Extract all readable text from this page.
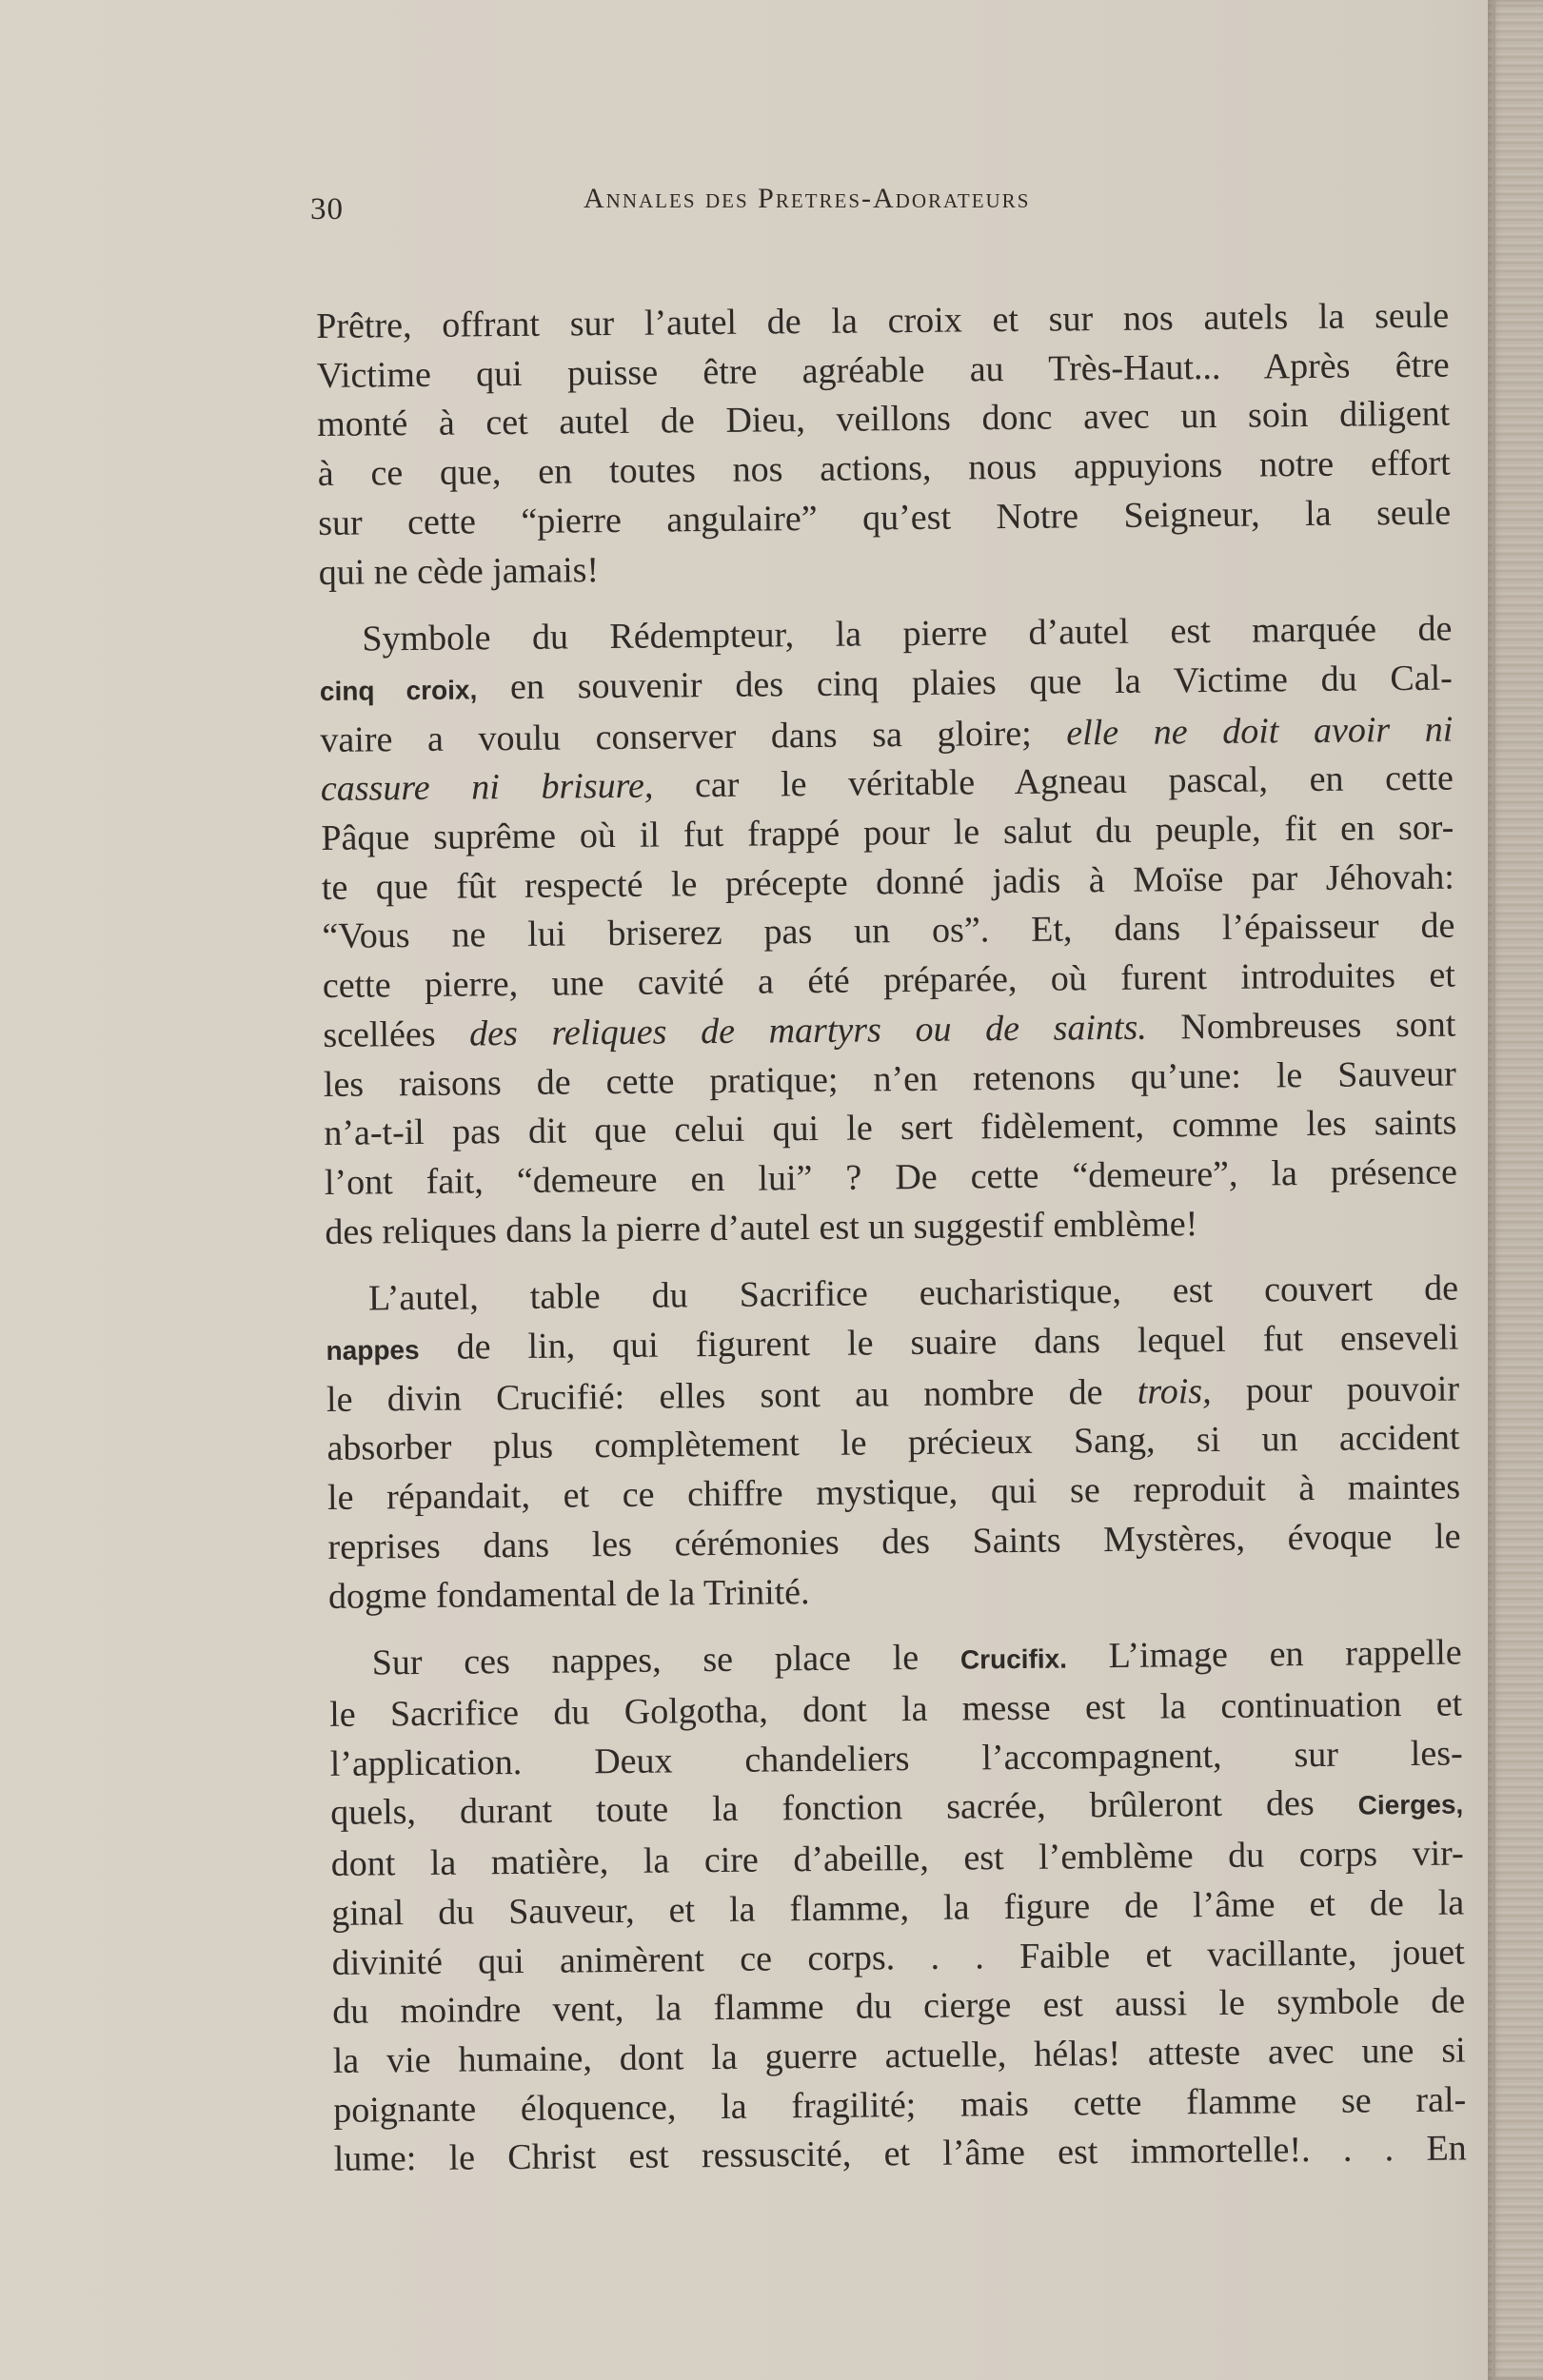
30	Annales des Pretres-Adorateurs
Prêtre, offrant sur l’autel de la croix et sur nos autels la seule
Victime qui puisse être agréable au Très-Haut... Après être
monté à cet autel de Dieu, veillons donc avec un soin diligent
à ce que, en toutes nos actions, nous appuyions notre effort
sur cette “pierre angulaire” qu’est Notre Seigneur, la seule
qui ne cède jamais!
Symbole du Rédempteur, la pierre d’autel est marquée de
cinq croix, en souvenir des cinq plaies que la Victime du Cal-
vaire a voulu conserver dans sa gloire; elle ne doit avoir ni
cassure ni brisure, car le véritable Agneau pascal, en cette
Pâque suprême où il fut frappé pour le salut du peuple, fit en sor-
te que fût respecté le précepte donné jadis à Moïse par Jéhovah:
“Vous ne lui briserez pas un os”. Et, dans l’épaisseur de
cette pierre, une cavité a été préparée, où furent introduites et
scellées des reliques de martyrs ou de saints. Nombreuses sont
les raisons de cette pratique; n’en retenons qu’une: le Sauveur
n’a-t-il pas dit que celui qui le sert fidèlement, comme les saints
l’ont fait, “demeure en lui” ? De cette “demeure”, la présence
des reliques dans la pierre d’autel est un suggestif emblème!
L’autel, table du Sacrifice eucharistique, est couvert de
nappes de lin, qui figurent le suaire dans lequel fut enseveli
le divin Crucifié: elles sont au nombre de trois, pour pouvoir
absorber plus complètement le précieux Sang, si un accident
le répandait, et ce chiffre mystique, qui se reproduit à maintes
reprises dans les cérémonies des Saints Mystères, évoque le
dogme fondamental de la Trinité.
Sur ces nappes, se place le Crucifix. L’image en rappelle
le Sacrifice du Golgotha, dont la messe est la continuation et
l’application. Deux chandeliers l’accompagnent, sur les-
quels, durant toute la fonction sacrée, brûleront des Cierges,
dont la matière, la cire d’abeille, est l’emblème du corps vir-
ginal du Sauveur, et la flamme, la figure de l’âme et de la
divinité qui animèrent ce corps. . . Faible et vacillante, jouet
du moindre vent, la flamme du cierge est aussi le symbole de
la vie humaine, dont la guerre actuelle, hélas! atteste avec une si
poignante éloquence, la fragilité; mais cette flamme se ral-
lume: le Christ est ressuscité, et l’âme est immortelle!. . . En
